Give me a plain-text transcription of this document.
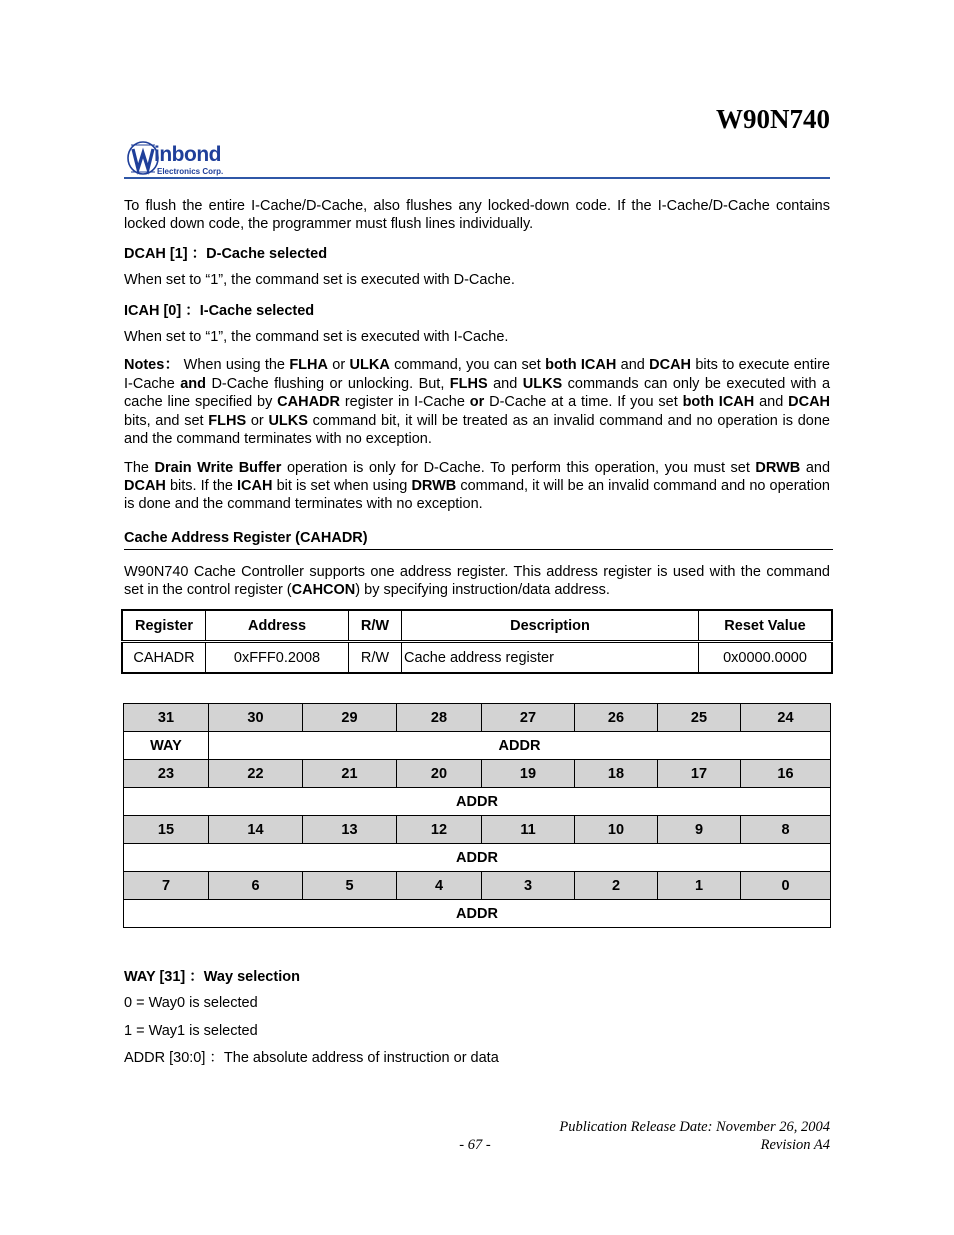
W90N740
inbond
Electronics Corp.
To flush the entire I-Cache/D-Cache, also flushes any locked-down code. If the I-Cache/D-Cache contains locked down code, the programmer must flush lines individually.
DCAH [1] ：D-Cache selected
When set to “1”, the command set is executed with D-Cache.
ICAH [0] ：I-Cache selected
When set to “1”, the command set is executed with I-Cache.
Notes： When using the FLHA or ULKA command, you can set both ICAH and DCAH bits to execute entire I-Cache and D-Cache flushing or unlocking. But, FLHS and ULKS commands can only be executed with a cache line specified by CAHADR register in I-Cache or D-Cache at a time. If you set both ICAH and DCAH bits, and set FLHS or ULKS command bit, it will be treated as an invalid command and no operation is done and the command terminates with no exception.
The Drain Write Buffer operation is only for D-Cache. To perform this operation, you must set DRWB and DCAH bits. If the ICAH bit is set when using DRWB command, it will be an invalid command and no operation is done and the command terminates with no exception.
Cache Address Register (CAHADR)
W90N740 Cache Controller supports one address register. This address register is used with the command set in the control register (CAHCON) by specifying instruction/data address.
Register	Address	R/W	Description	Reset Value
CAHADR	0xFFF0.2008	R/W	Cache address register	0x0000.0000
31	30	29	28	27	26	25	24
WAY	ADDR						
23	22	21	20	19	18	17	16
ADDR							
15	14	13	12	11	10	9	8
ADDR							
7	6	5	4	3	2	1	0
ADDR							
WAY [31] ：Way selection
0 = Way0 is selected
1 = Way1 is selected
ADDR [30:0] ：The absolute address of instruction or data
Publication Release Date: November 26, 2004
- 67 -	Revision A4
